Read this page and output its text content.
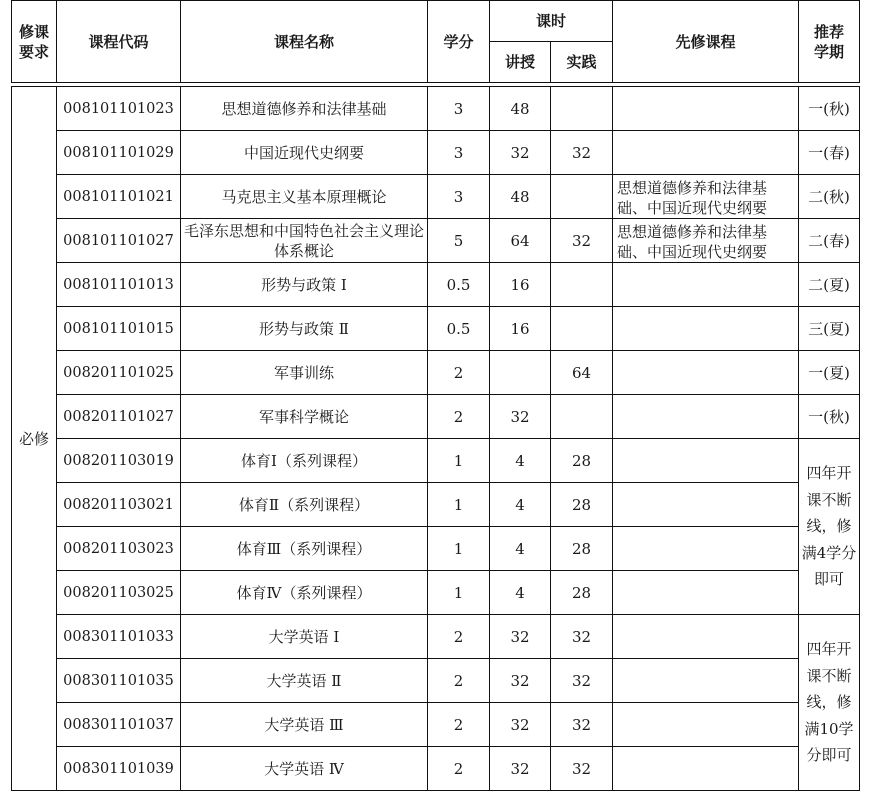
修课
要求	课程代码	课程名称	学分	课时		先修课程	推荐
学期
				讲授	实践		

必修	008101101023	思想道德修养和法律基础	3	48			一(秋)
	008101101029	中国近现代史纲要	3	32	32		一(春)
	008101101021	马克思主义基本原理概论	3	48		思想道德修养和法律基础、中国近现代史纲要	二(秋)
	008101101027	毛泽东思想和中国特色社会主义理论体系概论	5	64	32	思想道德修养和法律基础、中国近现代史纲要	二(春)
	008101101013	形势与政策 Ⅰ	0.5	16			二(夏)
	008101101015	形势与政策 Ⅱ	0.5	16			三(夏)
	008201101025	军事训练	2		64		一(夏)
	008201101027	军事科学概论	2	32			一(秋)
	008201103019	体育Ⅰ（系列课程）	1	4	28		四年开课不断线，修满4学分即可
	008201103021	体育Ⅱ（系列课程）	1	4	28		
	008201103023	体育Ⅲ（系列课程）	1	4	28		
	008201103025	体育Ⅳ（系列课程）	1	4	28		
	008301101033	大学英语 Ⅰ	2	32	32		四年开课不断线，修满10学分即可
	008301101035	大学英语 Ⅱ	2	32	32		
	008301101037	大学英语 Ⅲ	2	32	32		
	008301101039	大学英语 Ⅳ	2	32	32		
